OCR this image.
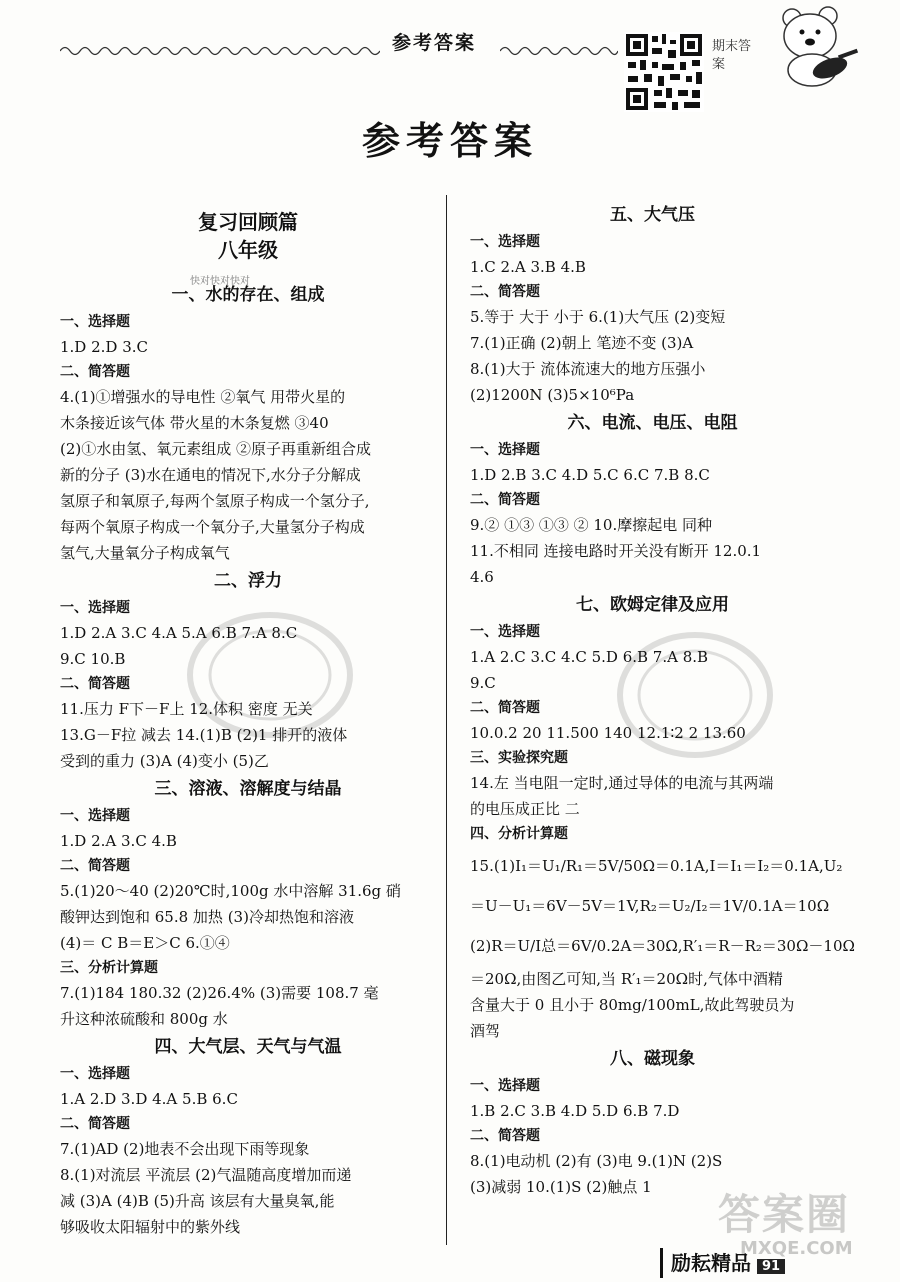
参考答案	期末答案
参考答案
快对快对快对
复习回顾篇
八年级
一、水的存在、组成
一、选择题
1.D 2.D 3.C
二、简答题
4.(1)①增强水的导电性 ②氧气 用带火星的
木条接近该气体 带火星的木条复燃 ③40
(2)①水由氢、氧元素组成 ②原子再重新组合成
新的分子 (3)水在通电的情况下,水分子分解成
氢原子和氧原子,每两个氢原子构成一个氢分子,
每两个氧原子构成一个氧分子,大量氢分子构成
氢气,大量氧分子构成氧气
二、浮力
一、选择题
1.D 2.A 3.C 4.A 5.A 6.B 7.A 8.C
9.C 10.B
二、简答题
11.压力 F下－F上 12.体积 密度 无关
13.G－F拉 减去 14.(1)B (2)1 排开的液体
受到的重力 (3)A (4)变小 (5)乙
三、溶液、溶解度与结晶
一、选择题
1.D 2.A 3.C 4.B
二、简答题
5.(1)20～40 (2)20℃时,100g 水中溶解 31.6g 硝
酸钾达到饱和 65.8 加热 (3)冷却热饱和溶液
(4)＝ C B＝E＞C 6.①④
三、分析计算题
7.(1)184 180.32 (2)26.4% (3)需要 108.7 毫
升这种浓硫酸和 800g 水
四、大气层、天气与气温
一、选择题
1.A 2.D 3.D 4.A 5.B 6.C
二、简答题
7.(1)AD (2)地表不会出现下雨等现象
8.(1)对流层 平流层 (2)气温随高度增加而递
减 (3)A (4)B (5)升高 该层有大量臭氧,能
够吸收太阳辐射中的紫外线
五、大气压
一、选择题
1.C 2.A 3.B 4.B
二、简答题
5.等于 大于 小于 6.(1)大气压 (2)变短
7.(1)正确 (2)朝上 笔迹不变 (3)A
8.(1)大于 流体流速大的地方压强小
(2)1200N (3)5×10⁶Pa
六、电流、电压、电阻
一、选择题
1.D 2.B 3.C 4.D 5.C 6.C 7.B 8.C
二、简答题
9.② ①③ ①③ ② 10.摩擦起电 同种
11.不相同 连接电路时开关没有断开 12.0.1
4.6
七、欧姆定律及应用
一、选择题
1.A 2.C 3.C 4.C 5.D 6.B 7.A 8.B
9.C
二、简答题
10.0.2 20 11.500 140 12.1∶2 2 13.60
三、实验探究题
14.左 当电阻一定时,通过导体的电流与其两端
的电压成正比 二
四、分析计算题
15.(1)I₁＝U₁/R₁＝5V/50Ω＝0.1A,I＝I₁＝I₂＝0.1A,U₂
＝U－U₁＝6V－5V＝1V,R₂＝U₂/I₂＝1V/0.1A＝10Ω
(2)R＝U/I总＝6V/0.2A＝30Ω,R′₁＝R－R₂＝30Ω－10Ω
＝20Ω,由图乙可知,当 R′₁＝20Ω时,气体中酒精
含量大于 0 且小于 80mg/100mL,故此驾驶员为
酒驾
八、磁现象
一、选择题
1.B 2.C 3.B 4.D 5.D 6.B 7.D
二、简答题
8.(1)电动机 (2)有 (3)电 9.(1)N (2)S
(3)减弱 10.(1)S (2)触点 1
答案圈
MXQE.COM
励耘精品 91
